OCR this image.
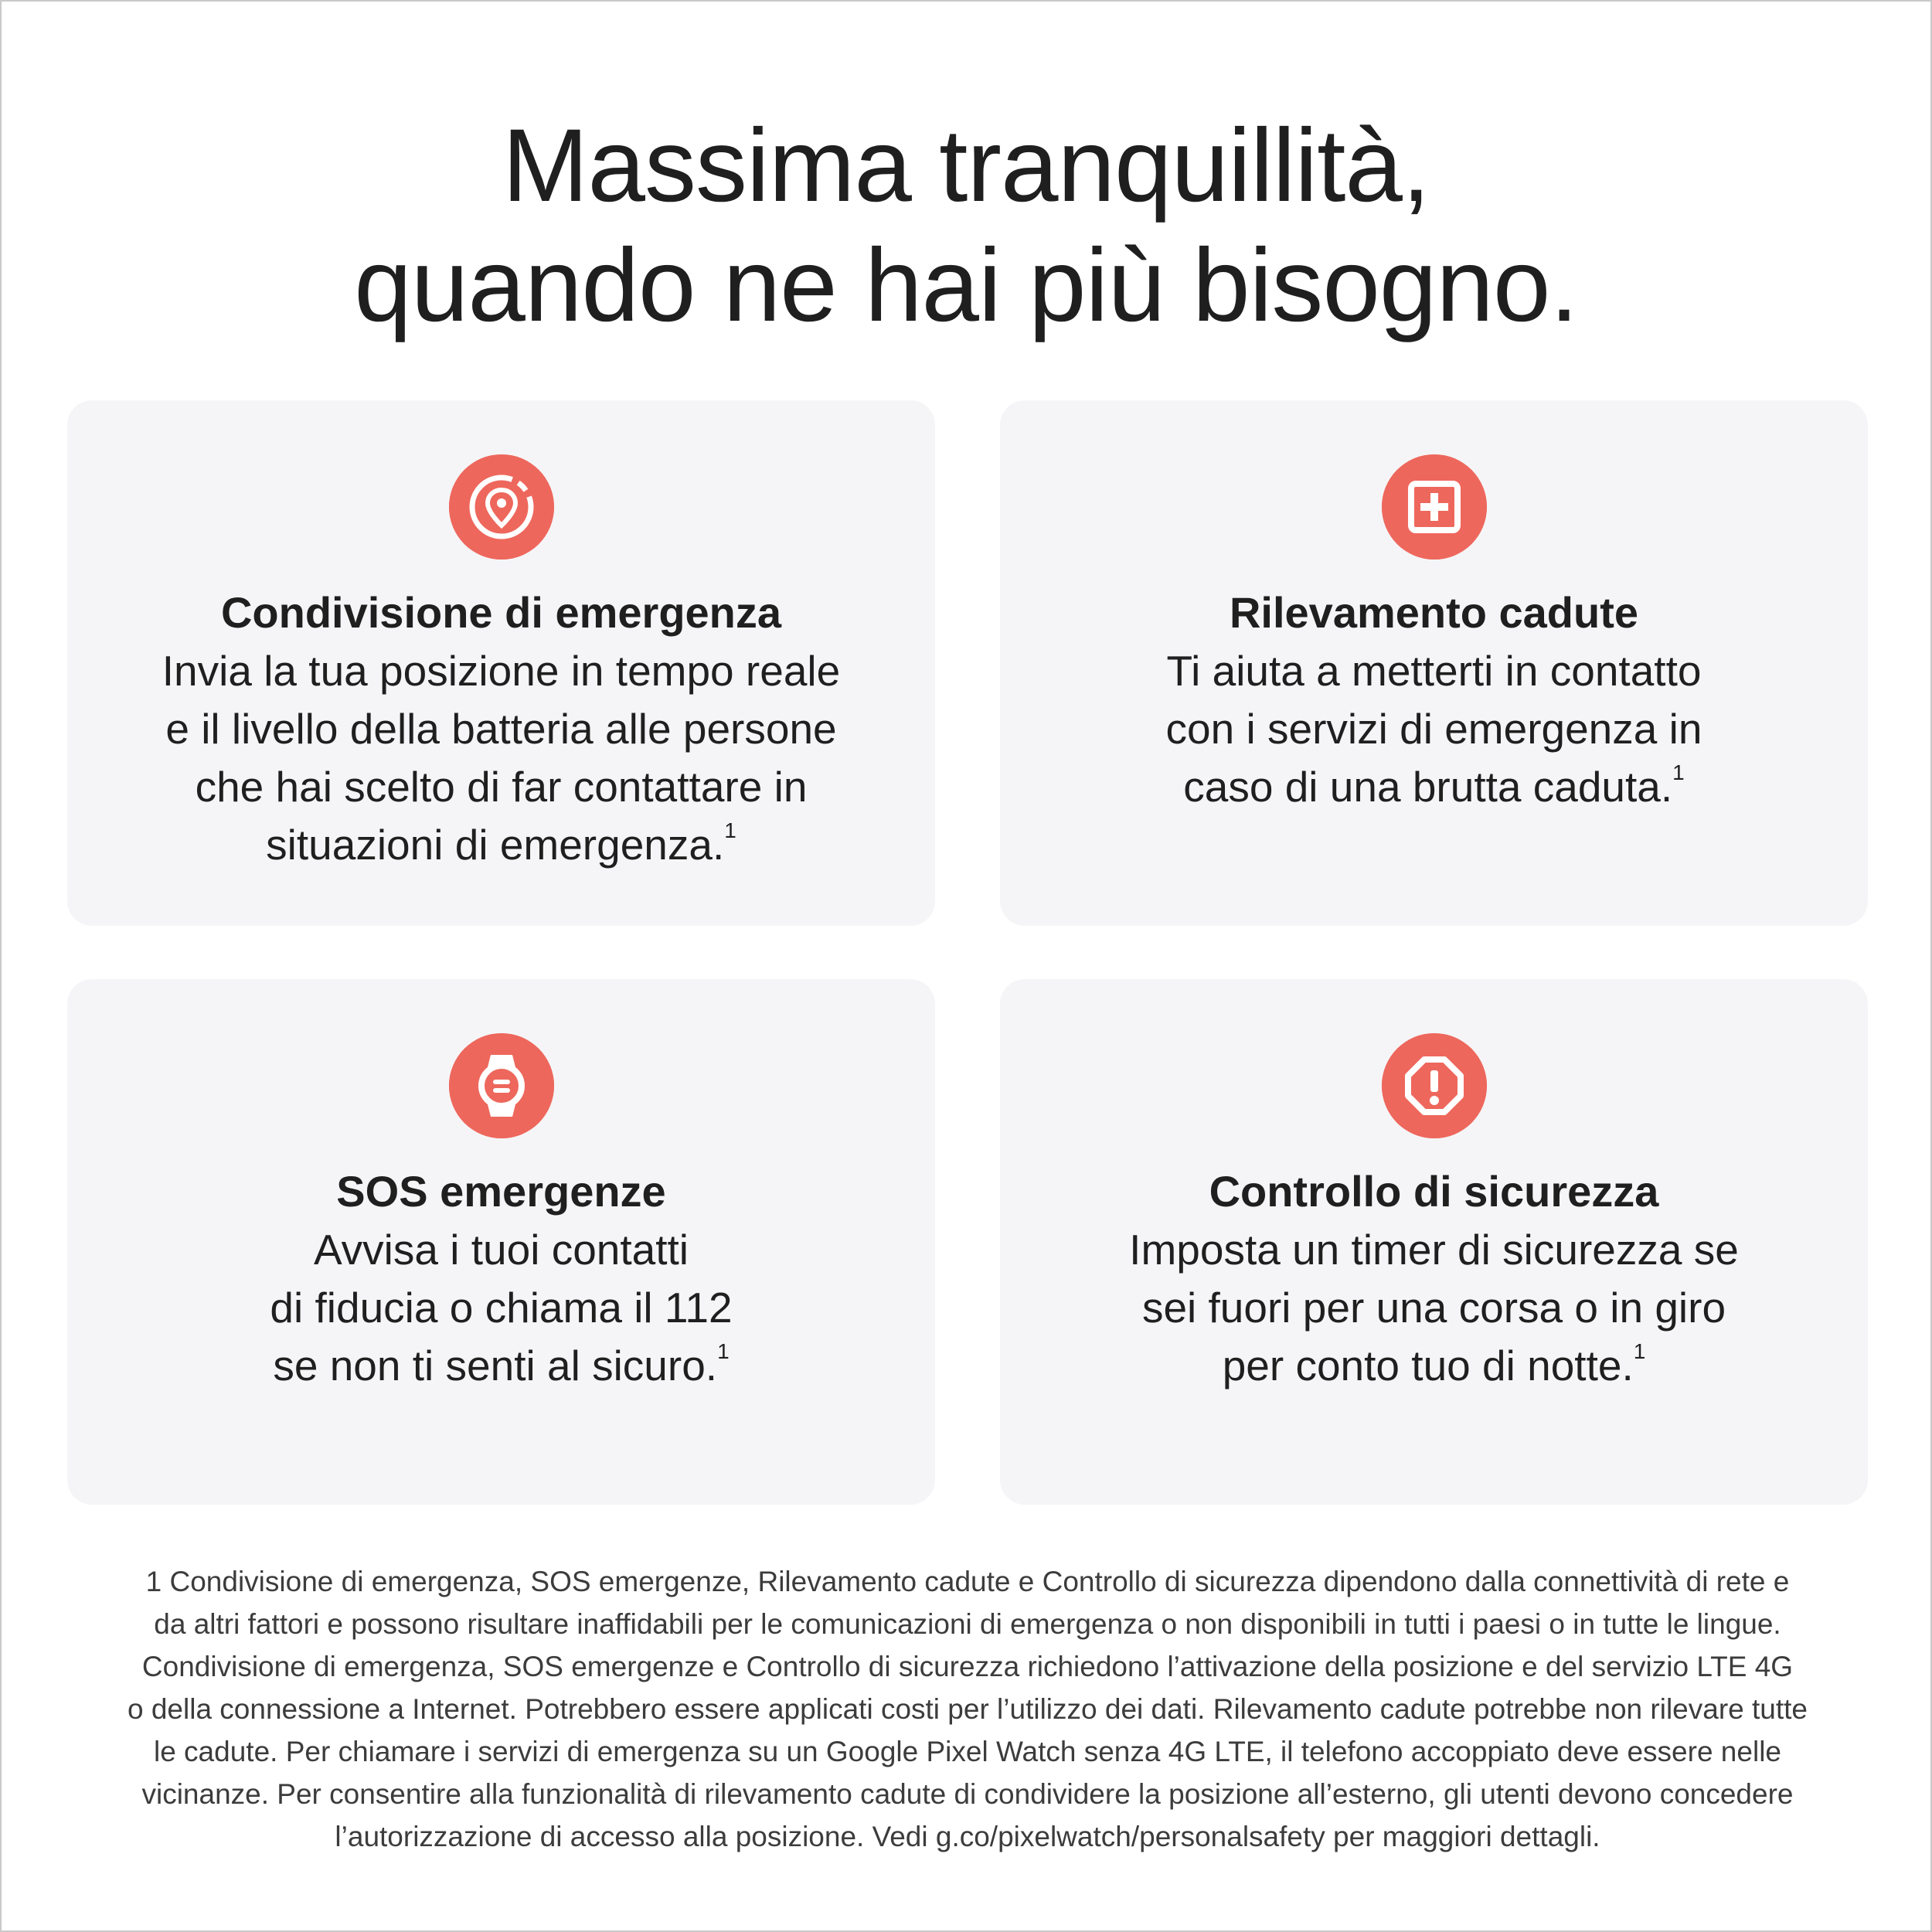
Massima tranquillità,
quando ne hai più bisogno.
Condivisione di emergenza
Invia la tua posizione in tempo reale
e il livello della batteria alle persone
che hai scelto di far contattare in
situazioni di emergenza.$^1$
Rilevamento cadute
Ti aiuta a metterti in contatto
con i servizi di emergenza in
caso di una brutta caduta.$^1$
SOS emergenze
Avvisa i tuoi contatti
di fiducia o chiama il 112
se non ti senti al sicuro.$^1$
Controllo di sicurezza
Imposta un timer di sicurezza se
sei fuori per una corsa o in giro
per conto tuo di notte.$^1$
1 Condivisione di emergenza, SOS emergenze, Rilevamento cadute e Controllo di sicurezza dipendono dalla connettività di rete e
da altri fattori e possono risultare inaffidabili per le comunicazioni di emergenza o non disponibili in tutti i paesi o in tutte le lingue.
Condivisione di emergenza, SOS emergenze e Controllo di sicurezza richiedono l’attivazione della posizione e del servizio LTE 4G
o della connessione a Internet. Potrebbero essere applicati costi per l’utilizzo dei dati. Rilevamento cadute potrebbe non rilevare tutte
le cadute. Per chiamare i servizi di emergenza su un Google Pixel Watch senza 4G LTE, il telefono accoppiato deve essere nelle
vicinanze. Per consentire alla funzionalità di rilevamento cadute di condividere la posizione all’esterno, gli utenti devono concedere
l’autorizzazione di accesso alla posizione. Vedi g.co/pixelwatch/personalsafety per maggiori dettagli.
